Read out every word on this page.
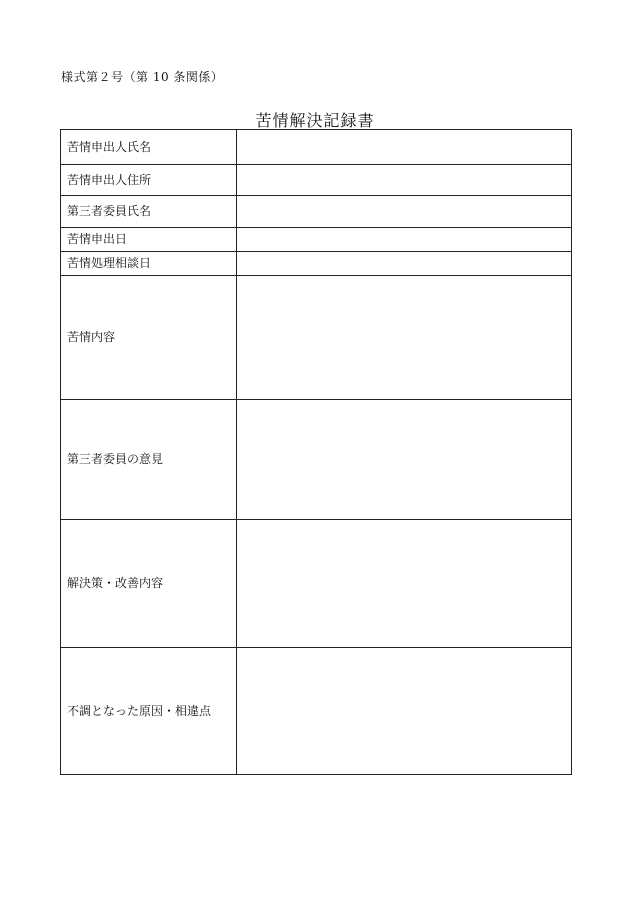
様式第２号（第 10 条関係）
苦情解決記録書
苦情申出人氏名	
苦情申出人住所	
第三者委員氏名	
苦情申出日	
苦情処理相談日	
苦情内容	
第三者委員の意見	
解決策・改善内容	
不調となった原因・相違点	
